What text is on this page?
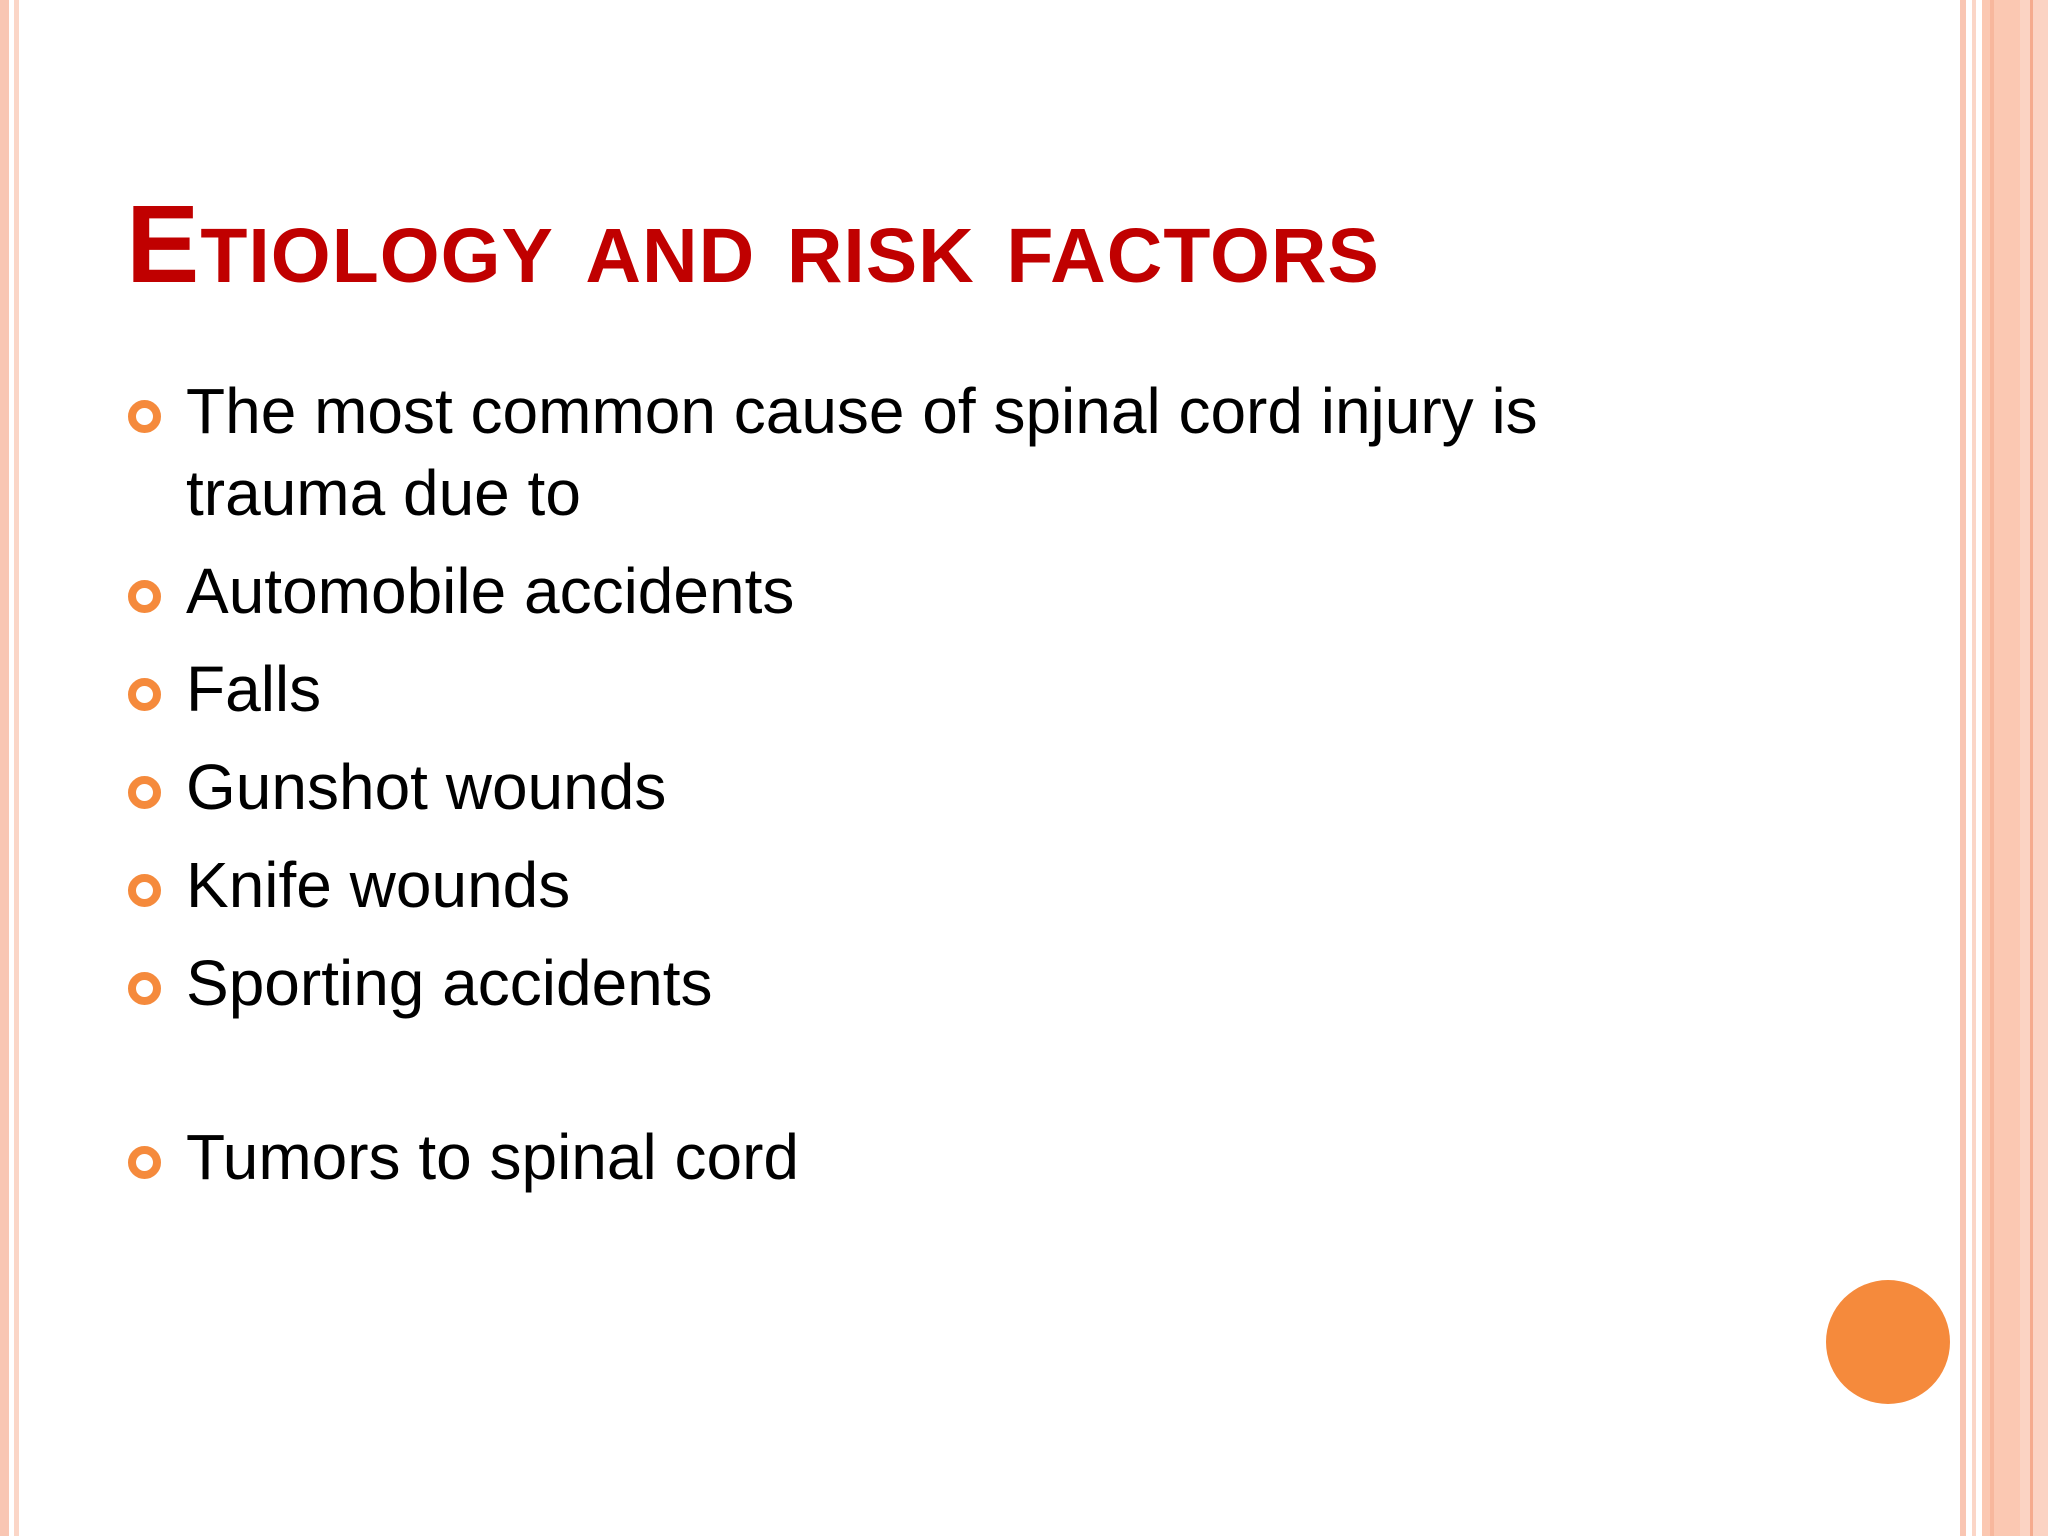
Etiology and risk factors
The most common cause of spinal cord injury is trauma due to
Automobile accidents
Falls
Gunshot wounds
Knife wounds
Sporting accidents
Tumors to spinal cord
